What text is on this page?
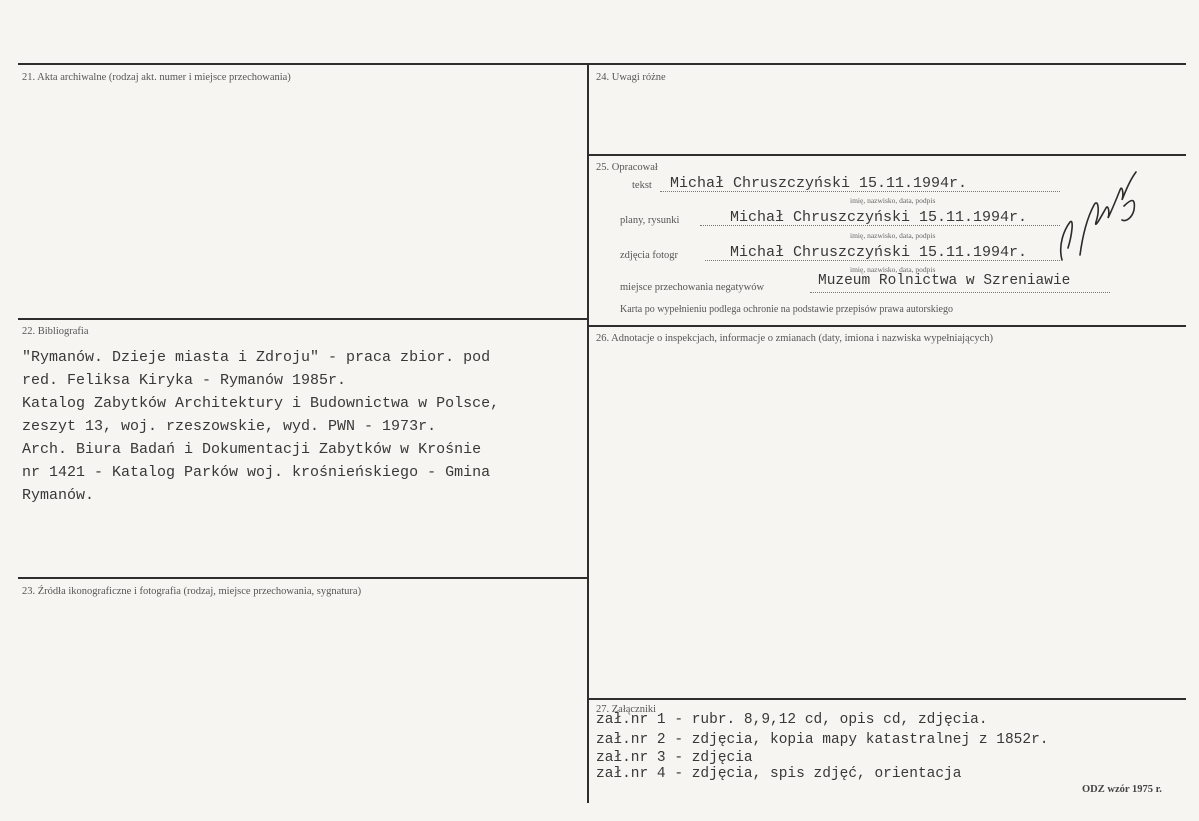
21. Akta archiwalne (rodzaj akt. numer i miejsce przechowania)
22. Bibliografia
"Rymanów. Dzieje miasta i Zdroju" - praca zbior. pod
red. Feliksa Kiryka - Rymanów 1985r.
Katalog Zabytków Architektury i Budownictwa w Polsce,
zeszyt 13, woj. rzeszowskie, wyd. PWN - 1973r.
Arch. Biura Badań i Dokumentacji Zabytków w Krośnie
nr 1421 - Katalog Parków woj. krośnieńskiego - Gmina
Rymanów.
23. Źródła ikonograficzne i fotografia (rodzaj, miejsce przechowania, sygnatura)
24. Uwagi różne
25. Opracował
tekst Michał Chruszczyński 15.11.1994r.
imię, nazwisko, data, podpis
plany, rysunki	Michał Chruszczyński 15.11.1994r.
imię, nazwisko, data, podpis
zdjęcia fotogr	Michał Chruszczyński 15.11.1994r.
imię, nazwisko, data, podpis
miejsce przechowania negatywów	Muzeum Rolnictwa w Szreniawie
Karta po wypełnieniu podlega ochronie na podstawie przepisów prawa autorskiego
26. Adnotacje o inspekcjach, informacje o zmianach (daty, imiona i nazwiska wypełniających)
27. Załączniki
zał.nr 1 - rubr. 8,9,12 cd, opis cd, zdjęcia.
zał.nr 2 - zdjęcia, kopia mapy katastralnej z 1852r.
zał.nr 3 - zdjęcia
zał.nr 4 - zdjęcia, spis zdjęć, orientacja
ODZ wzór 1975 r.
